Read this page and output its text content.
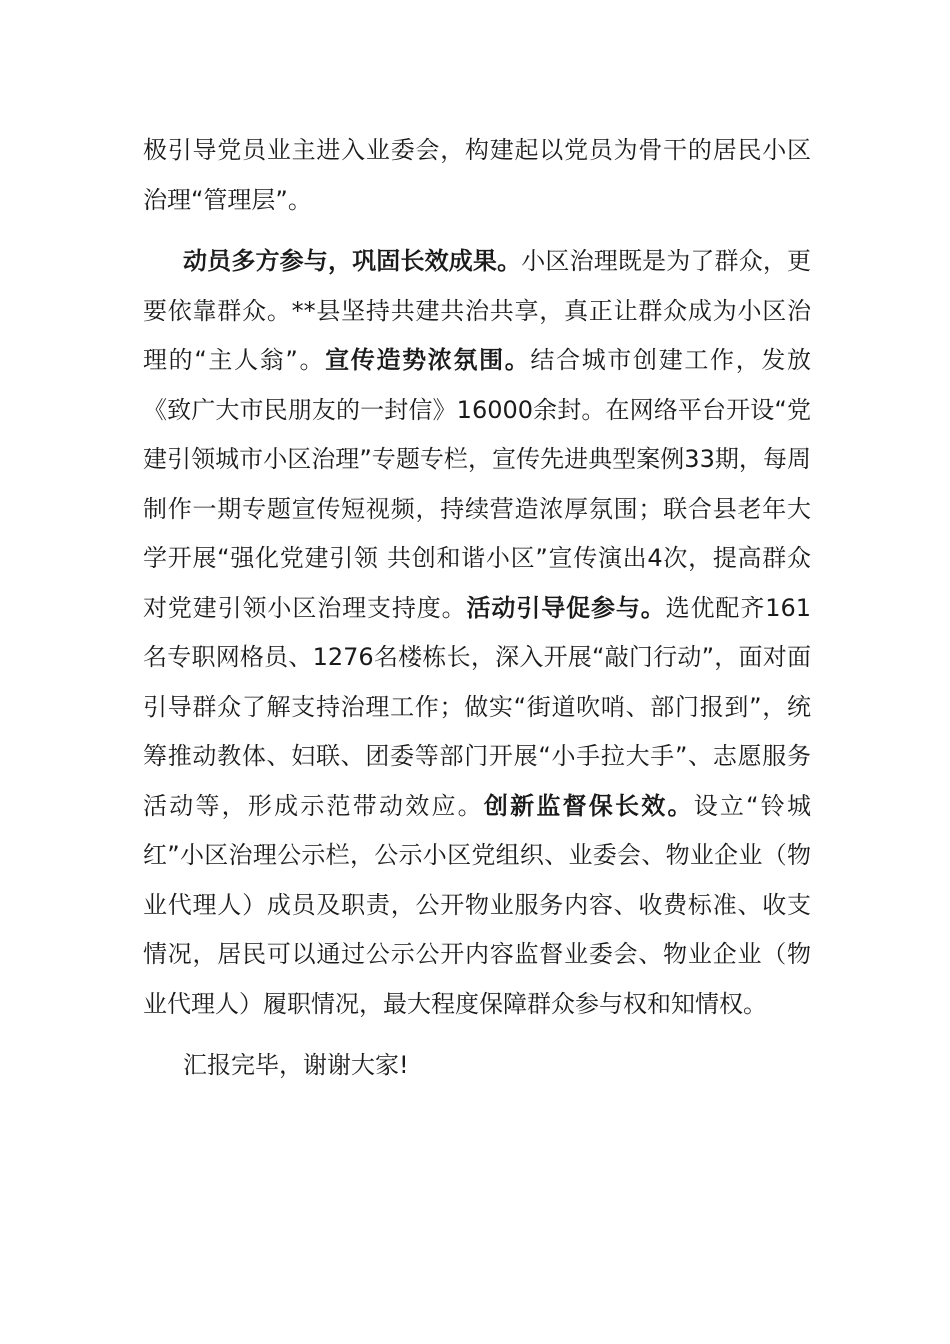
极引导党员业主进入业委会，构建起以党员为骨干的居民小区治理“管理层”。

动员多方参与，巩固长效成果。小区治理既是为了群众，更要依靠群众。**县坚持共建共治共享，真正让群众成为小区治理的“主人翁”。宣传造势浓氛围。结合城市创建工作，发放《致广大市民朋友的一封信》16000余封。在网络平台开设“党建引领城市小区治理”专题专栏，宣传先进典型案例33期，每周制作一期专题宣传短视频，持续营造浓厚氛围；联合县老年大学开展“强化党建引领 共创和谐小区”宣传演出4次，提高群众对党建引领小区治理支持度。活动引导促参与。选优配齐161名专职网格员、1276名楼栋长，深入开展“敲门行动”，面对面引导群众了解支持治理工作；做实“街道吹哨、部门报到”，统筹推动教体、妇联、团委等部门开展“小手拉大手”、志愿服务活动等，形成示范带动效应。创新监督保长效。设立“铃城红”小区治理公示栏，公示小区党组织、业委会、物业企业（物业代理人）成员及职责，公开物业服务内容、收费标准、收支情况，居民可以通过公示公开内容监督业委会、物业企业（物业代理人）履职情况，最大程度保障群众参与权和知情权。

汇报完毕，谢谢大家!
